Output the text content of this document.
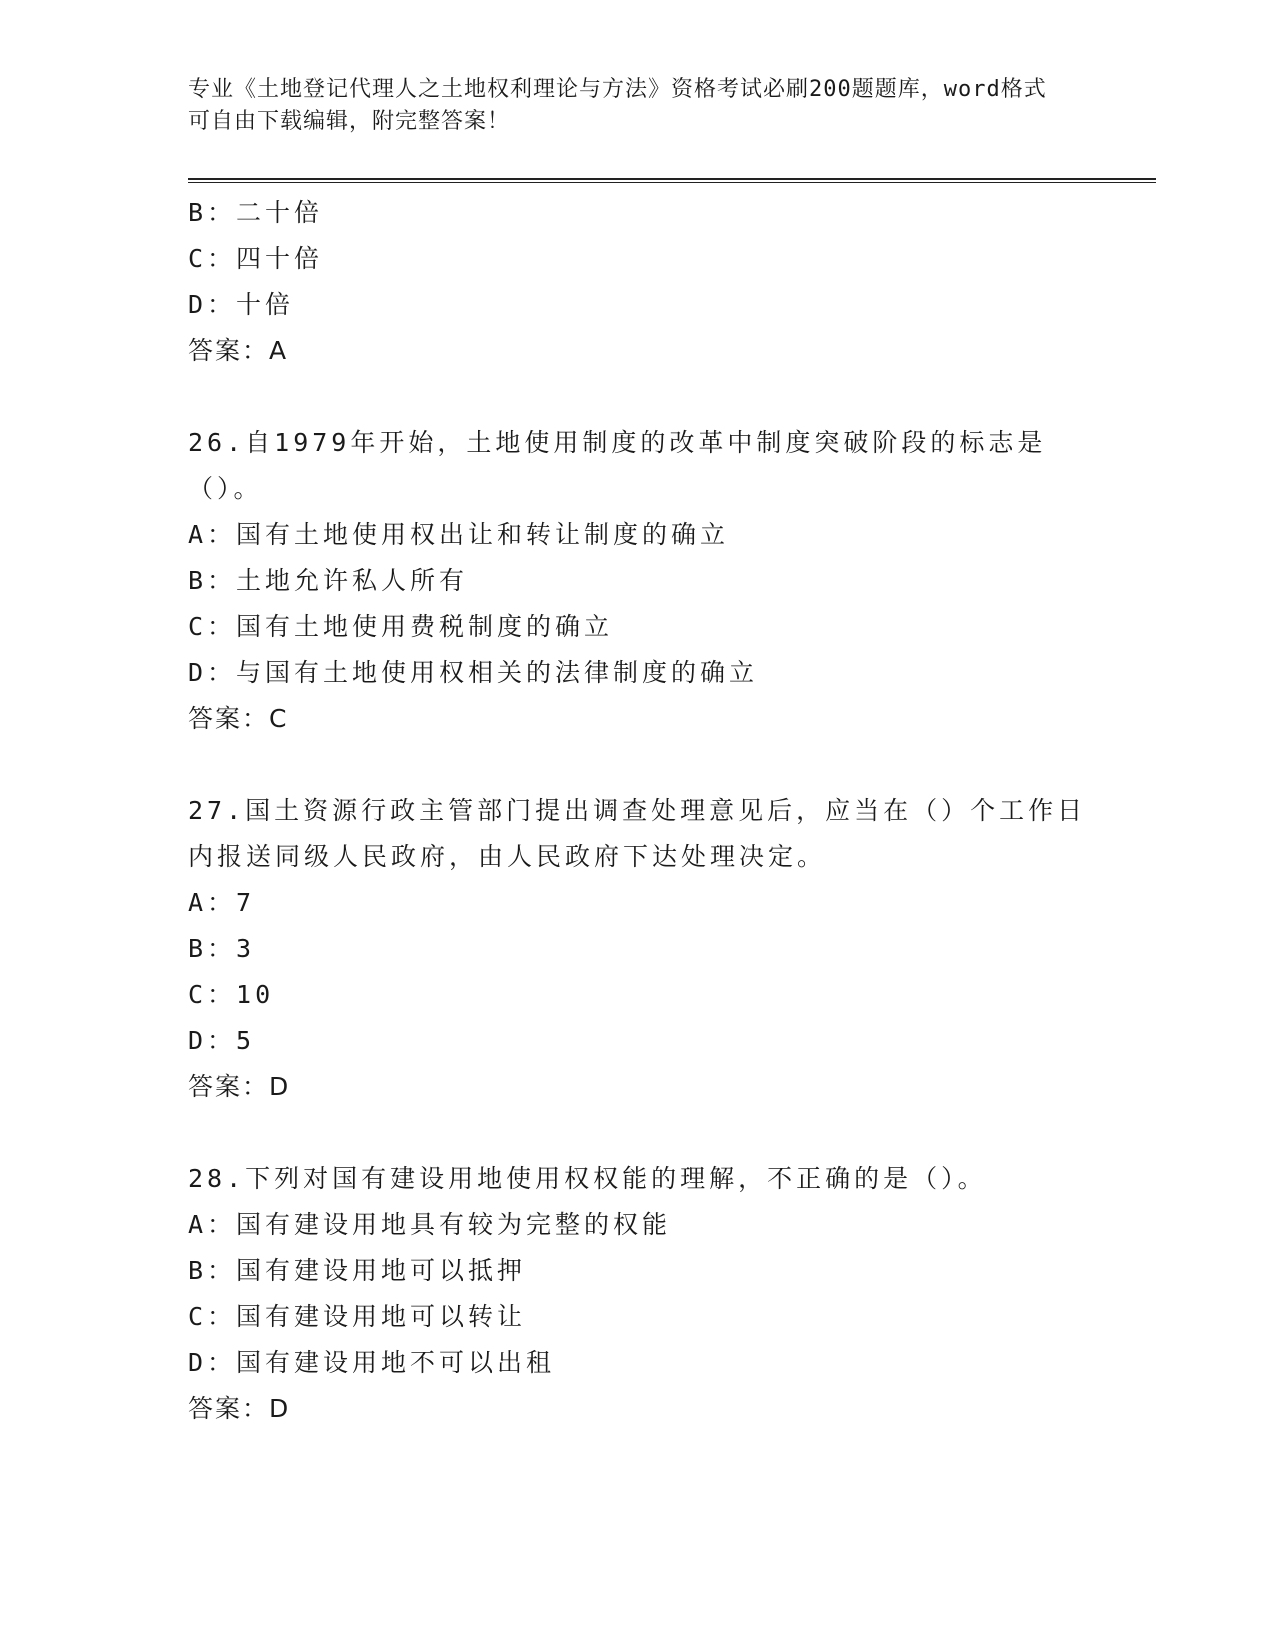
专业《土地登记代理人之土地权利理论与方法》资格考试必刷200题题库，word格式可自由下载编辑，附完整答案！
B：二十倍
C：四十倍
D：十倍
答案：A
26.自1979年开始，土地使用制度的改革中制度突破阶段的标志是（）。
A：国有土地使用权出让和转让制度的确立
B：土地允许私人所有
C：国有土地使用费税制度的确立
D：与国有土地使用权相关的法律制度的确立
答案：C
27.国土资源行政主管部门提出调查处理意见后，应当在（）个工作日内报送同级人民政府，由人民政府下达处理决定。
A：7
B：3
C：10
D：5
答案：D
28.下列对国有建设用地使用权权能的理解，不正确的是（）。
A：国有建设用地具有较为完整的权能
B：国有建设用地可以抵押
C：国有建设用地可以转让
D：国有建设用地不可以出租
答案：D
